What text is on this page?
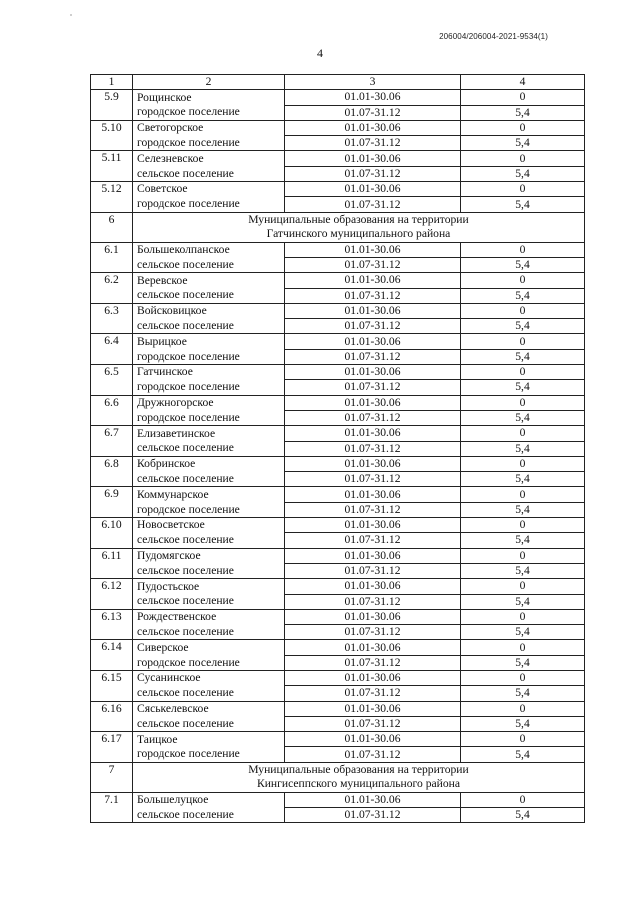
206004/206004-2021-9534(1)
4
1	2	3	4
5.9	Рощинское	01.01-30.06	0
	городское поселение	01.07-31.12	5,4
5.10	Светогорское	01.01-30.06	0
	городское поселение	01.07-31.12	5,4
5.11	Селезневское	01.01-30.06	0
	сельское поселение	01.07-31.12	5,4
5.12	Советское	01.01-30.06	0
	городское поселение	01.07-31.12	5,4
6	Муниципальные образования на территории
Гатчинского муниципального района		

6.1	Большеколпанское	01.01-30.06	0
	сельское поселение	01.07-31.12	5,4
6.2	Веревское	01.01-30.06	0
	сельское поселение	01.07-31.12	5,4
6.3	Войсковицкое	01.01-30.06	0
	сельское поселение	01.07-31.12	5,4
6.4	Вырицкое	01.01-30.06	0
	городское поселение	01.07-31.12	5,4
6.5	Гатчинское	01.01-30.06	0
	городское поселение	01.07-31.12	5,4
6.6	Дружногорское	01.01-30.06	0
	городское поселение	01.07-31.12	5,4
6.7	Елизаветинское	01.01-30.06	0
	сельское поселение	01.07-31.12	5,4
6.8	Кобринское	01.01-30.06	0
	сельское поселение	01.07-31.12	5,4
6.9	Коммунарское	01.01-30.06	0
	городское поселение	01.07-31.12	5,4
6.10	Новосветское	01.01-30.06	0
	сельское поселение	01.07-31.12	5,4
6.11	Пудомягское	01.01-30.06	0
	сельское поселение	01.07-31.12	5,4
6.12	Пудостьское	01.01-30.06	0
	сельское поселение	01.07-31.12	5,4
6.13	Рождественское	01.01-30.06	0
	сельское поселение	01.07-31.12	5,4
6.14	Сиверское	01.01-30.06	0
	городское поселение	01.07-31.12	5,4
6.15	Сусанинское	01.01-30.06	0
	сельское поселение	01.07-31.12	5,4
6.16	Сяськелевское	01.01-30.06	0
	сельское поселение	01.07-31.12	5,4
6.17	Таицкое	01.01-30.06	0
	городское поселение	01.07-31.12	5,4
7	Муниципальные образования на территории
Кингисеппского муниципального района		

7.1	Большелуцкое	01.01-30.06	0
	сельское поселение	01.07-31.12	5,4
